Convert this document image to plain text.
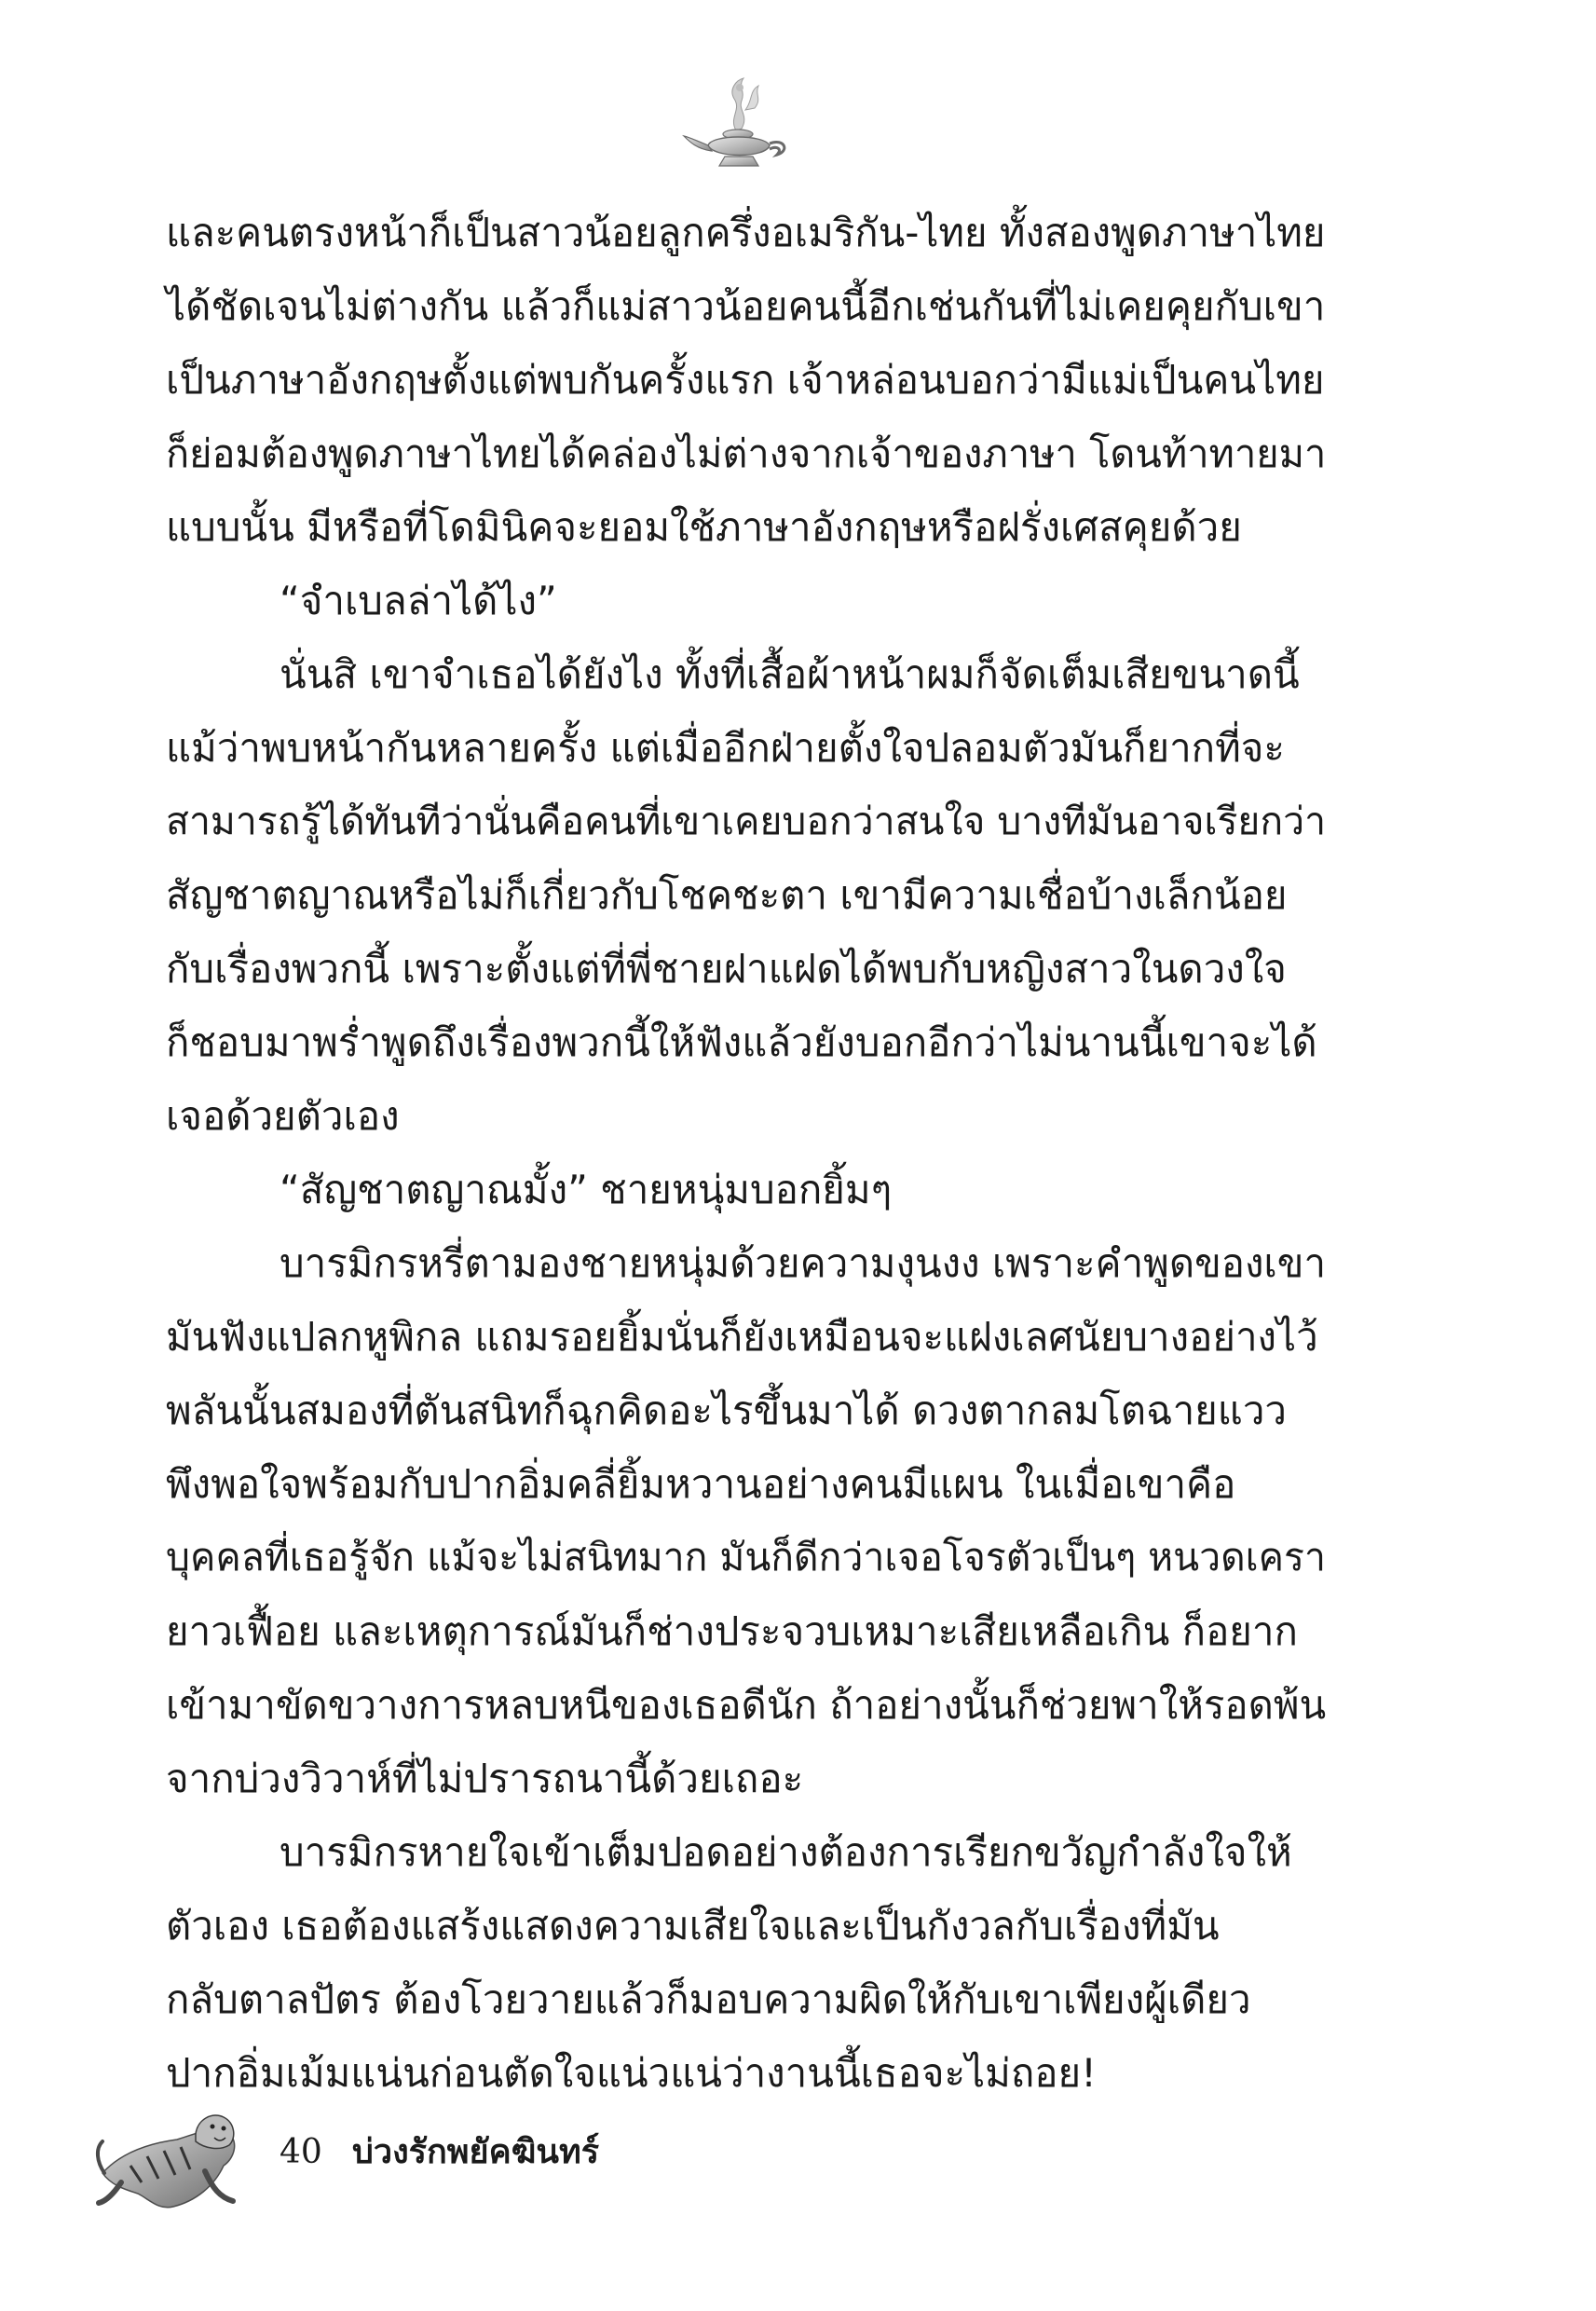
และคนตรงหน้าก็เป็นสาวน้อยลูกครึ่งอเมริกัน-ไทย ทั้งสองพูดภาษาไทย
ได้ชัดเจนไม่ต่างกัน แล้วก็แม่สาวน้อยคนนี้อีกเช่นกันที่ไม่เคยคุยกับเขา
เป็นภาษาอังกฤษตั้งแต่พบกันครั้งแรก เจ้าหล่อนบอกว่ามีแม่เป็นคนไทย
ก็ย่อมต้องพูดภาษาไทยได้คล่องไม่ต่างจากเจ้าของภาษา โดนท้าทายมา
แบบนั้น มีหรือที่โดมินิคจะยอมใช้ภาษาอังกฤษหรือฝรั่งเศสคุยด้วย
“จำเบลล่าได้ไง”
นั่นสิ เขาจำเธอได้ยังไง ทั้งที่เสื้อผ้าหน้าผมก็จัดเต็มเสียขนาดนี้
แม้ว่าพบหน้ากันหลายครั้ง แต่เมื่ออีกฝ่ายตั้งใจปลอมตัวมันก็ยากที่จะ
สามารถรู้ได้ทันทีว่านั่นคือคนที่เขาเคยบอกว่าสนใจ บางทีมันอาจเรียกว่า
สัญชาตญาณหรือไม่ก็เกี่ยวกับโชคชะตา เขามีความเชื่อบ้างเล็กน้อย
กับเรื่องพวกนี้ เพราะตั้งแต่ที่พี่ชายฝาแฝดได้พบกับหญิงสาวในดวงใจ
ก็ชอบมาพร่ำพูดถึงเรื่องพวกนี้ให้ฟังแล้วยังบอกอีกว่าไม่นานนี้เขาจะได้
เจอด้วยตัวเอง
“สัญชาตญาณมั้ง” ชายหนุ่มบอกยิ้มๆ
บารมิกรหรี่ตามองชายหนุ่มด้วยความงุนงง เพราะคำพูดของเขา
มันฟังแปลกหูพิกล แถมรอยยิ้มนั่นก็ยังเหมือนจะแฝงเลศนัยบางอย่างไว้
พลันนั้นสมองที่ตันสนิทก็ฉุกคิดอะไรขึ้นมาได้ ดวงตากลมโตฉายแวว
พึงพอใจพร้อมกับปากอิ่มคลี่ยิ้มหวานอย่างคนมีแผน ในเมื่อเขาคือ
บุคคลที่เธอรู้จัก แม้จะไม่สนิทมาก มันก็ดีกว่าเจอโจรตัวเป็นๆ หนวดเครา
ยาวเฟื้อย และเหตุการณ์มันก็ช่างประจวบเหมาะเสียเหลือเกิน ก็อยาก
เข้ามาขัดขวางการหลบหนีของเธอดีนัก ถ้าอย่างนั้นก็ช่วยพาให้รอดพ้น
จากบ่วงวิวาห์ที่ไม่ปรารถนานี้ด้วยเถอะ
บารมิกรหายใจเข้าเต็มปอดอย่างต้องการเรียกขวัญกำลังใจให้
ตัวเอง เธอต้องแสร้งแสดงความเสียใจและเป็นกังวลกับเรื่องที่มัน
กลับตาลปัตร ต้องโวยวายแล้วก็มอบความผิดให้กับเขาเพียงผู้เดียว
ปากอิ่มเม้มแน่นก่อนตัดใจแน่วแน่ว่างานนี้เธอจะไม่ถอย!
40 บ่วงรักพยัคฆินทร์
